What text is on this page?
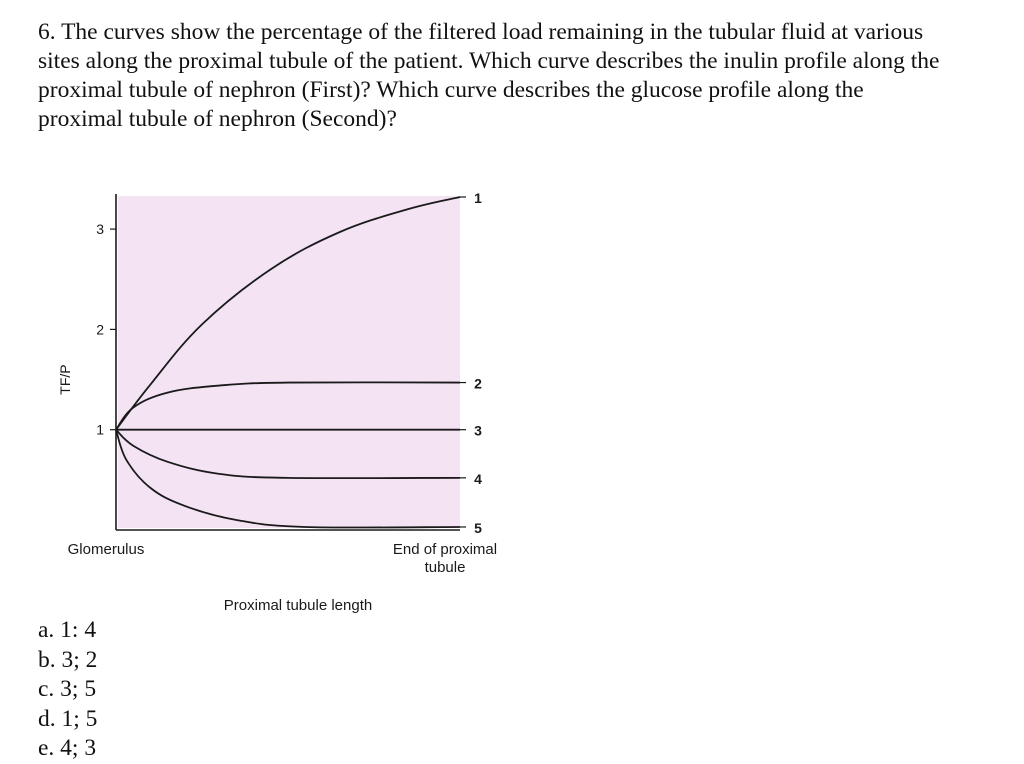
6. The curves show the percentage of the filtered load remaining in the tubular fluid at various
sites along the proximal tubule of the patient. Which curve describes the inulin profile along the
proximal tubule of nephron (First)? Which curve describes the glucose profile along the
proximal tubule of nephron (Second)?
1
2
3
TF/P
1
2
3
4
5
Glomerulus	End of proximal
tubule
Proximal tubule length
a. 1: 4
b. 3; 2
c. 3; 5
d. 1; 5
e. 4; 3
